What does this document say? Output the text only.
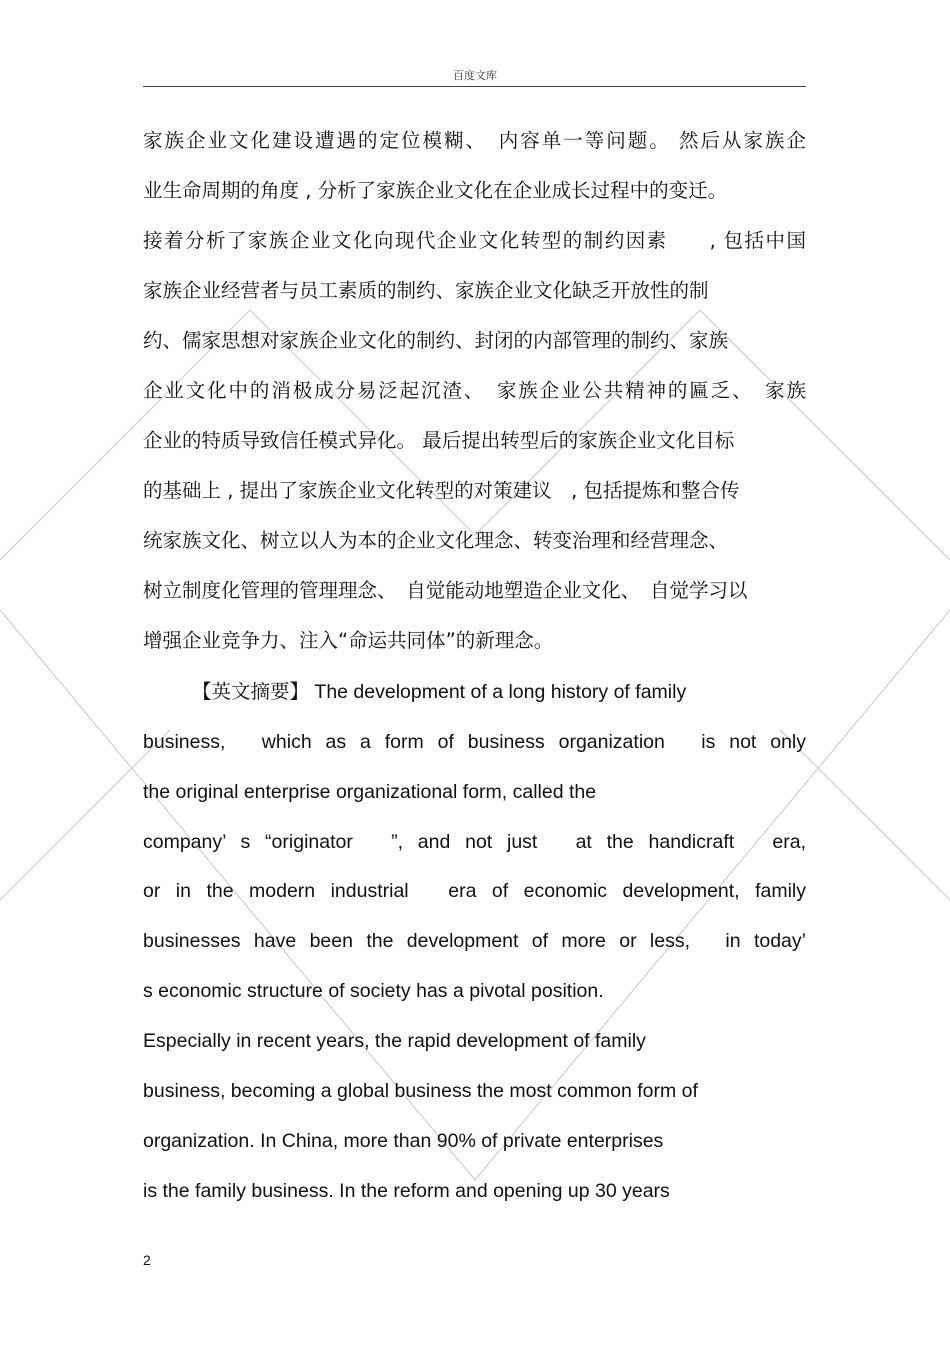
百度文库
家族企业文化建设遭遇的定位模糊、　内容单一等问题。 然后从家族企
业生命周期的角度 , 分析了家族企业文化在企业成长过程中的变迁。
接着分析了家族企业文化向现代企业文化转型的制约因素　　, 包括中国
家族企业经营者与员工素质的制约、家族企业文化缺乏开放性的制
约、儒家思想对家族企业文化的制约、封闭的内部管理的制约、家族
企业文化中的消极成分易泛起沉渣、　家族企业公共精神的匾乏、　家族
企业的特质导致信任模式异化。 最后提出转型后的家族企业文化目标
的基础上 , 提出了家族企业文化转型的对策建议　, 包括提炼和整合传
统家族文化、树立以人为本的企业文化理念、转变治理和经营理念、
树立制度化管理的管理理念、　自觉能动地塑造企业文化、　自觉学习以
增强企业竞争力、注入“命运共同体”的新理念。
【英文摘要】 The development of a long history of family
business,　which as a form of business organization　is not only
the original enterprise organizational form, called the
company’ s “originator　”, and not just　at the handicraft　era,
or in the modern industrial　era of economic development, family
businesses have been the development of more or less,　in today’
s economic structure of society has a pivotal position.
Especially in recent years, the rapid development of family
business, becoming a global business the most common form of
organization. In China, more than 90% of private enterprises
is the family business. In the reform and opening up 30 years
2
